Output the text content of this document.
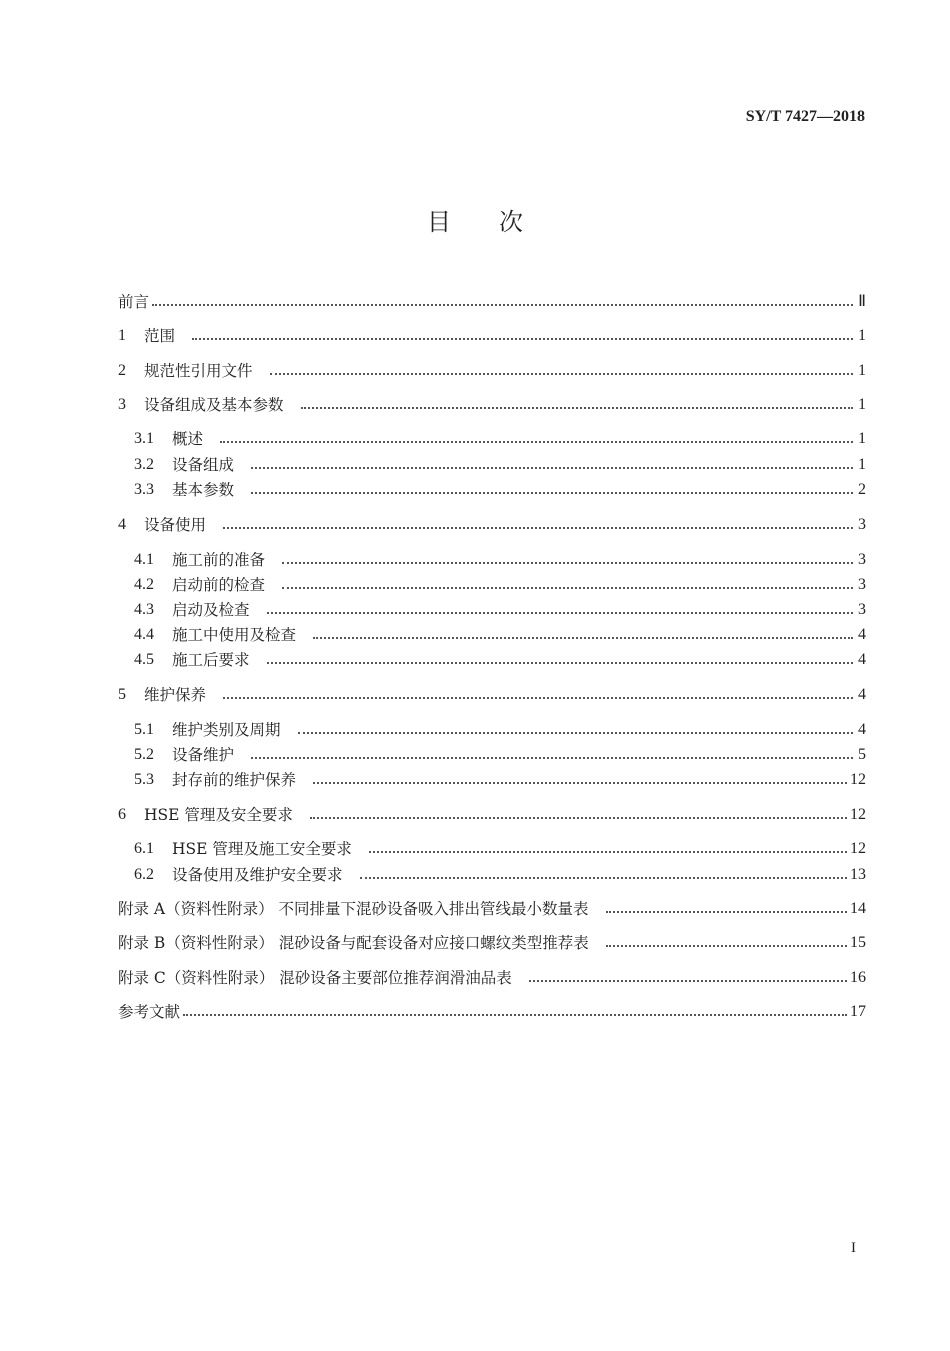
SY/T 7427—2018
目次
前言	Ⅱ
1	范围	1
2	规范性引用文件	1
3	设备组成及基本参数	1
3.1	概述	1
3.2	设备组成	1
3.3	基本参数	2
4	设备使用	3
4.1	施工前的准备	3
4.2	启动前的检查	3
4.3	启动及检查	3
4.4	施工中使用及检查	4
4.5	施工后要求	4
5	维护保养	4
5.1	维护类别及周期	4
5.2	设备维护	5
5.3	封存前的维护保养	12
6	HSE 管理及安全要求	12
6.1	HSE 管理及施工安全要求	12
6.2	设备使用及维护安全要求	13
附录 A（资料性附录） 不同排量下混砂设备吸入排出管线最小数量表	14
附录 B（资料性附录） 混砂设备与配套设备对应接口螺纹类型推荐表	15
附录 C（资料性附录） 混砂设备主要部位推荐润滑油品表	16
参考文献	17
I
